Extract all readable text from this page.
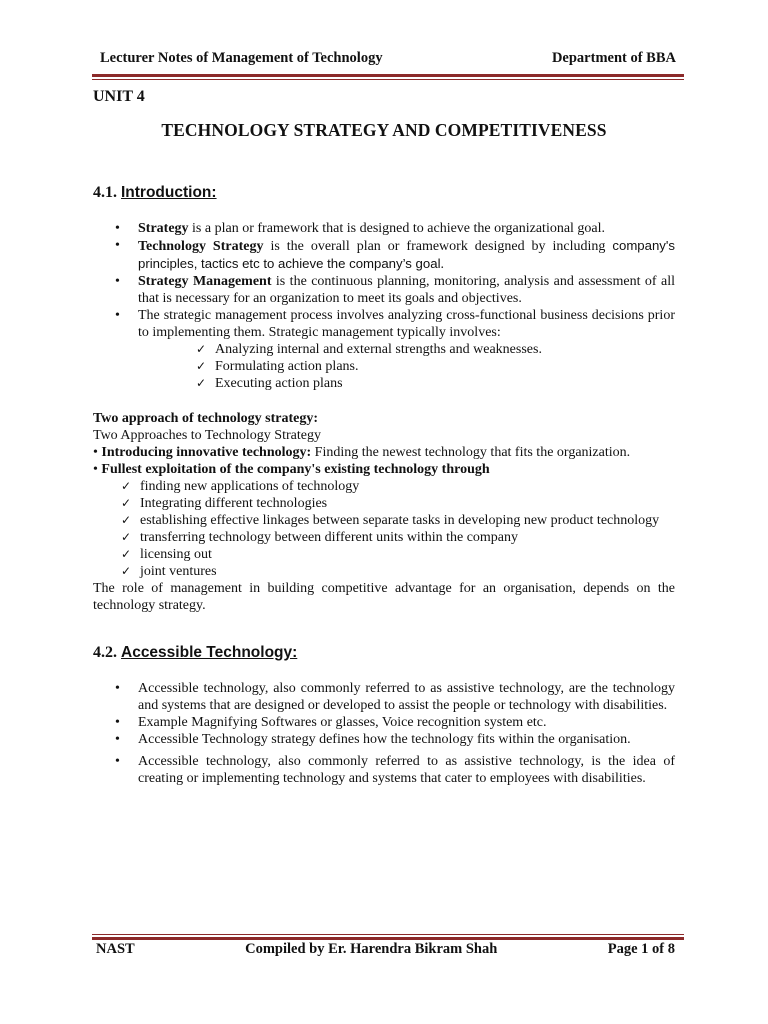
Lecturer Notes of Management of Technology	Department of BBA
UNIT 4
TECHNOLOGY STRATEGY AND COMPETITIVENESS
4.1. Introduction:
• Strategy is a plan or framework that is designed to achieve the organizational goal.
• Technology Strategy is the overall plan or framework designed by including company's principles, tactics etc to achieve the company’s goal.
• Strategy Management is the continuous planning, monitoring, analysis and assessment of all that is necessary for an organization to meet its goals and objectives.
• The strategic management process involves analyzing cross-functional business decisions prior to implementing them. Strategic management typically involves:
✓ Analyzing internal and external strengths and weaknesses.
✓ Formulating action plans.
✓ Executing action plans

Two approach of technology strategy:

Two Approaches to Technology Strategy

• Introducing innovative technology: Finding the newest technology that fits the organization.

• Fullest exploitation of the company's existing technology through

✓ finding new applications of technology
✓ Integrating different technologies
✓ establishing effective linkages between separate tasks in developing new product technology
✓ transferring technology between different units within the company
✓ licensing out
✓ joint ventures

The role of management in building competitive advantage for an organisation, depends on the technology strategy.

4.2. Accessible Technology:
• Accessible technology, also commonly referred to as assistive technology, are the technology and systems that are designed or developed to assist the people or technology with disabilities.
• Example Magnifying Softwares or glasses, Voice recognition system etc.
• Accessible Technology strategy defines how the technology fits within the organisation.
• Accessible technology, also commonly referred to as assistive technology, is the idea of creating or implementing technology and systems that cater to employees with disabilities.
NAST	Compiled by Er. Harendra Bikram Shah	Page 1 of 8
